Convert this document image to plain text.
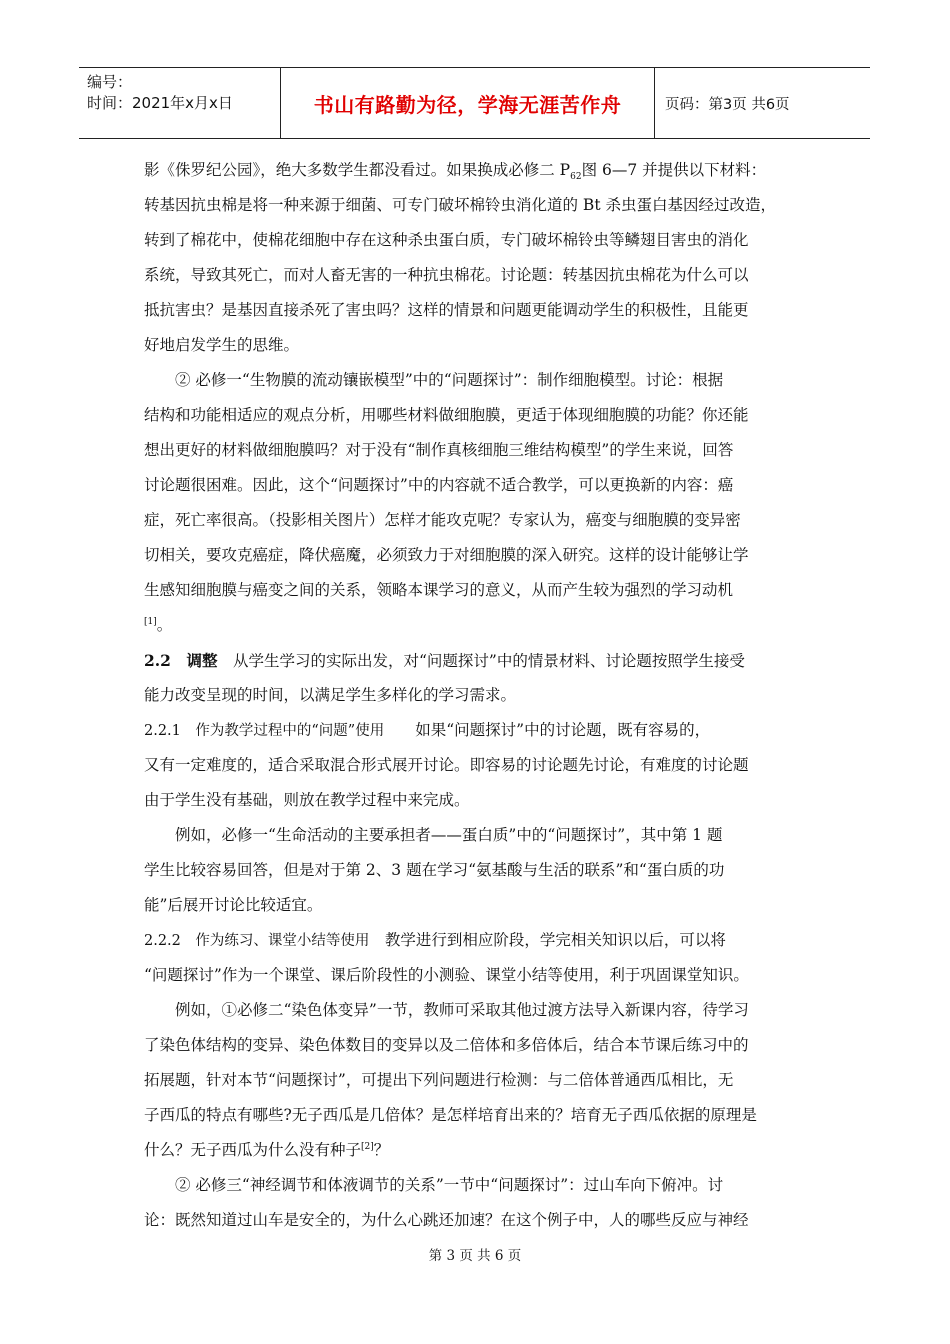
编号：
时间：2021年x月x日	书山有路勤为径，学海无涯苦作舟	页码：第3页 共6页
影《侏罗纪公园》，绝大多数学生都没看过。如果换成必修二 $P_{62}$图 6—7 并提供以下材料：
转基因抗虫棉是将一种来源于细菌、可专门破坏棉铃虫消化道的 Bt 杀虫蛋白基因经过改造，
转到了棉花中，使棉花细胞中存在这种杀虫蛋白质，专门破坏棉铃虫等鳞翅目害虫的消化
系统，导致其死亡，而对人畜无害的一种抗虫棉花。讨论题：转基因抗虫棉花为什么可以
抵抗害虫？是基因直接杀死了害虫吗？这样的情景和问题更能调动学生的积极性，且能更
好地启发学生的思维。
② 必修一“生物膜的流动镶嵌模型”中的“问题探讨”：制作细胞模型。讨论：根据
结构和功能相适应的观点分析，用哪些材料做细胞膜，更适于体现细胞膜的功能？你还能
想出更好的材料做细胞膜吗？对于没有“制作真核细胞三维结构模型”的学生来说，回答
讨论题很困难。因此，这个“问题探讨”中的内容就不适合教学，可以更换新的内容：癌
症，死亡率很高。（投影相关图片）怎样才能攻克呢？专家认为，癌变与细胞膜的变异密
切相关，要攻克癌症，降伏癌魔，必须致力于对细胞膜的深入研究。这样的设计能够让学
生感知细胞膜与癌变之间的关系，领略本课学习的意义，从而产生较为强烈的学习动机
[1]。
2.2　调整　从学生学习的实际出发，对“问题探讨”中的情景材料、讨论题按照学生接受
能力改变呈现的时间，以满足学生多样化的学习需求。
2.2.1　作为教学过程中的“问题”使用　　如果“问题探讨”中的讨论题，既有容易的，
又有一定难度的，适合采取混合形式展开讨论。即容易的讨论题先讨论，有难度的讨论题
由于学生没有基础，则放在教学过程中来完成。
例如，必修一“生命活动的主要承担者——蛋白质”中的“问题探讨”，其中第 1 题
学生比较容易回答，但是对于第 2、3 题在学习“氨基酸与生活的联系”和“蛋白质的功
能”后展开讨论比较适宜。
2.2.2　作为练习、课堂小结等使用　教学进行到相应阶段，学完相关知识以后，可以将
“问题探讨”作为一个课堂、课后阶段性的小测验、课堂小结等使用，利于巩固课堂知识。
例如，①必修二“染色体变异”一节，教师可采取其他过渡方法导入新课内容，待学习
了染色体结构的变异、染色体数目的变异以及二倍体和多倍体后，结合本节课后练习中的
拓展题，针对本节“问题探讨”，可提出下列问题进行检测：与二倍体普通西瓜相比，无
子西瓜的特点有哪些?无子西瓜是几倍体？是怎样培育出来的？培育无子西瓜依据的原理是
什么？无子西瓜为什么没有种子[2]？
② 必修三“神经调节和体液调节的关系”一节中“问题探讨”：过山车向下俯冲。讨
论：既然知道过山车是安全的，为什么心跳还加速？在这个例子中，人的哪些反应与神经
第 3 页 共 6 页
